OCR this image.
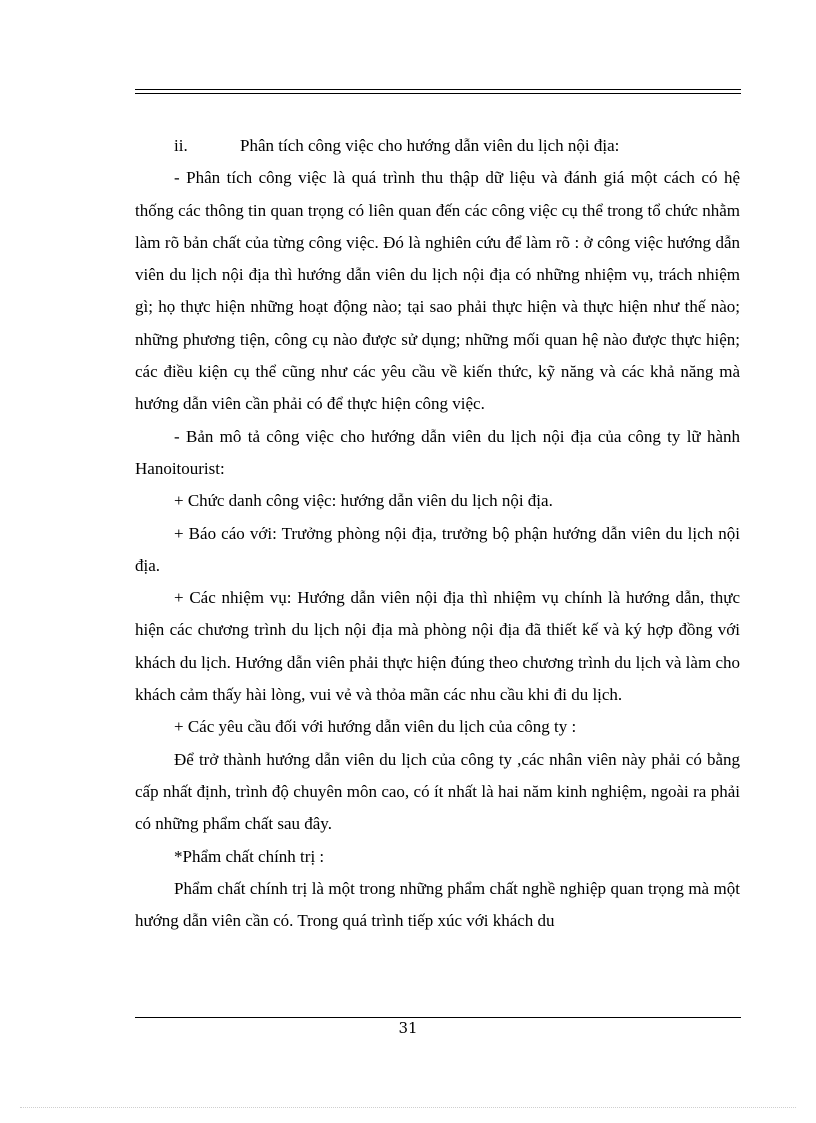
ii.	Phân tích công việc cho hướng dẫn viên du lịch nội địa:

- Phân tích công việc là quá trình thu thập dữ liệu và đánh giá một cách có hệ thống các thông tin quan trọng có liên quan đến các công việc cụ thể trong tổ chức nhằm làm rõ bản chất của từng công việc. Đó là nghiên cứu để làm rõ : ở công việc hướng dẫn viên du lịch nội địa thì hướng dẫn viên du lịch nội địa có những nhiệm vụ, trách nhiệm gì; họ thực hiện những hoạt động nào; tại sao phải thực hiện và thực hiện như thế nào; những phương tiện, công cụ nào được sử dụng; những mối quan hệ nào được thực hiện; các điều kiện cụ thể cũng như các yêu cầu về kiến thức, kỹ năng và các khả năng mà hướng dẫn viên cần phải có để thực hiện công việc.

- Bản mô tả công việc cho hướng dẫn viên du lịch nội địa của công ty lữ hành Hanoitourist:

+ Chức danh công việc: hướng dẫn viên du lịch nội địa.

+ Báo cáo với: Trưởng phòng nội địa, trưởng bộ phận hướng dẫn viên du lịch nội địa.

+ Các nhiệm vụ: Hướng dẫn viên nội địa thì nhiệm vụ chính là hướng dẫn, thực hiện các chương trình du lịch nội địa mà phòng nội địa đã thiết kế và ký hợp đồng với khách du lịch. Hướng dẫn viên phải thực hiện đúng theo chương trình du lịch và làm cho khách cảm thấy hài lòng, vui vẻ và thỏa mãn các nhu cầu khi đi du lịch.

+ Các yêu cầu đối với hướng dẫn viên du lịch của công ty :

Để trở thành hướng dẫn viên du lịch của công ty ,các nhân viên này phải có bằng cấp nhất định, trình độ chuyên môn cao, có ít nhất là hai năm kinh nghiệm, ngoài ra phải có những phẩm chất sau đây.

*Phẩm chất chính trị :

Phẩm chất chính trị là một trong những phẩm chất nghề nghiệp quan trọng mà một hướng dẫn viên cần có. Trong quá trình tiếp xúc với khách du

31
